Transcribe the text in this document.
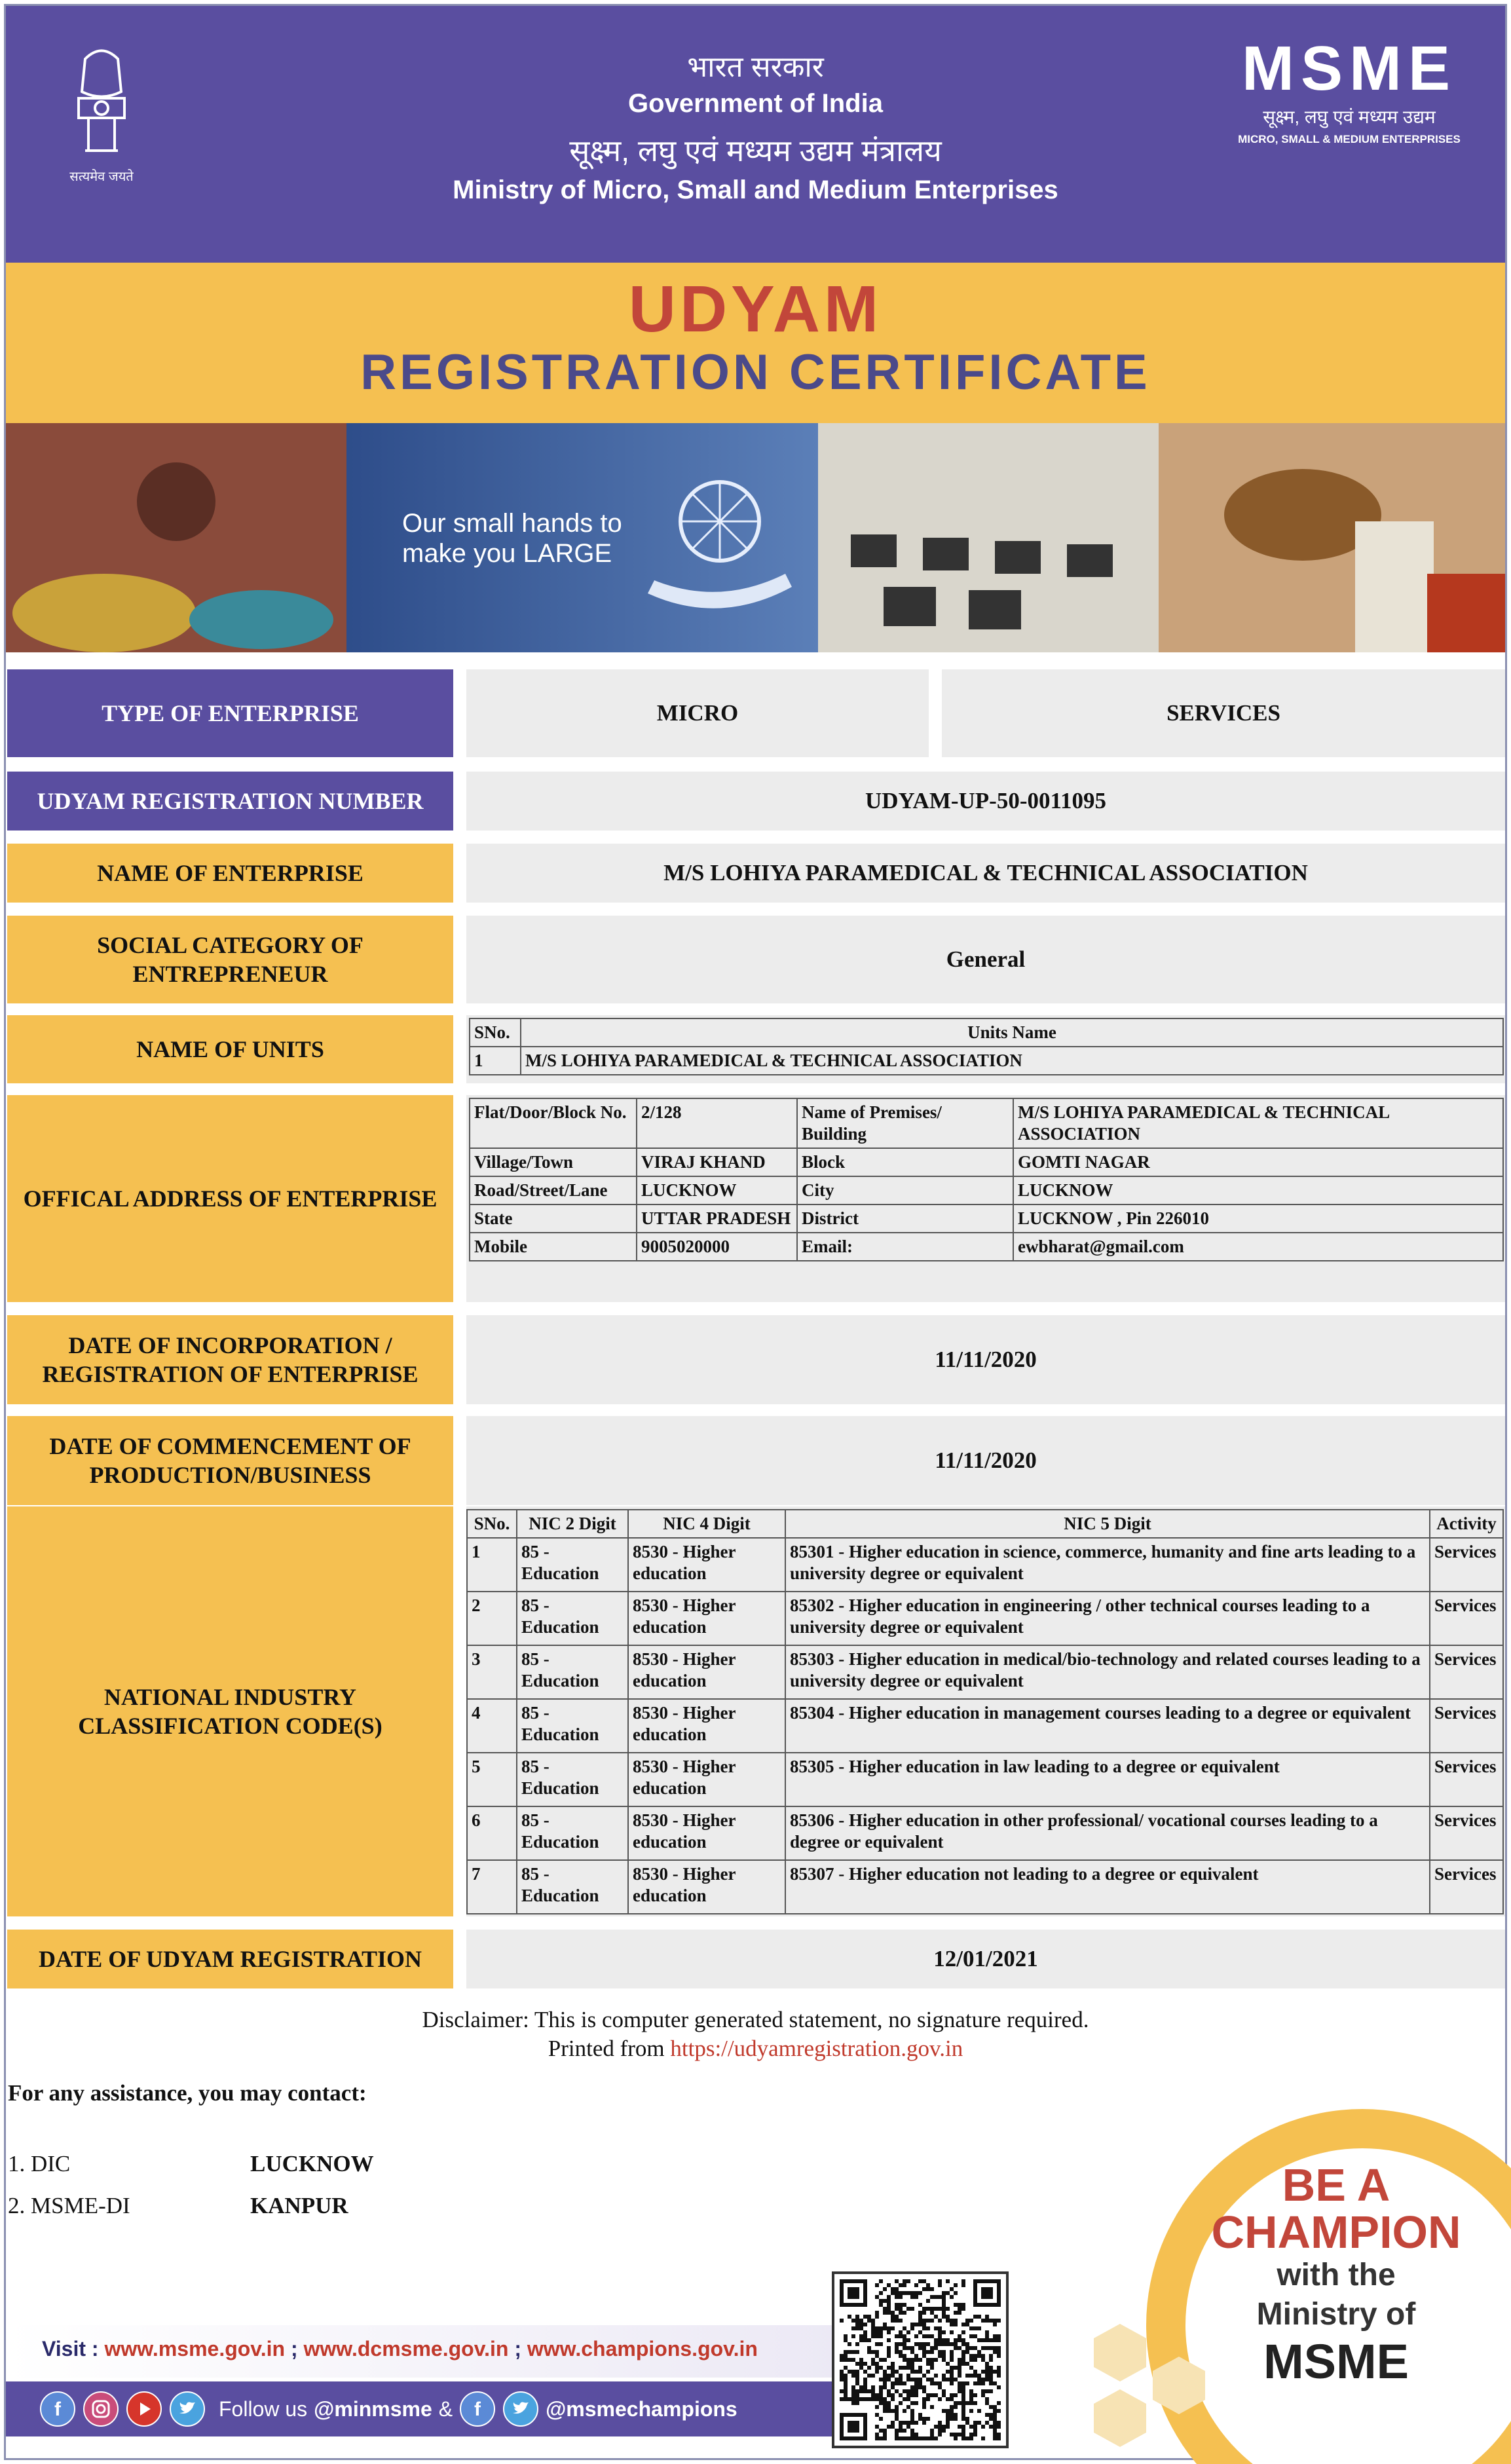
सत्यमेव जयते
भारत सरकार
Government of India
सूक्ष्म, लघु एवं मध्यम उद्यम मंत्रालय
Ministry of Micro, Small and Medium Enterprises
MSME
सूक्ष्म, लघु एवं मध्यम उद्यम
MICRO, SMALL & MEDIUM ENTERPRISES
UDYAM
REGISTRATION CERTIFICATE
Our small hands to
make you LARGE
TYPE OF ENTERPRISE	MICRO	SERVICES
UDYAM REGISTRATION NUMBER	UDYAM-UP-50-0011095
NAME OF ENTERPRISE	M/S LOHIYA PARAMEDICAL & TECHNICAL ASSOCIATION
SOCIAL CATEGORY OF ENTREPRENEUR
General
NAME OF UNITS
SNo.	Units Name
1	M/S LOHIYA PARAMEDICAL & TECHNICAL ASSOCIATION
OFFICAL ADDRESS OF ENTERPRISE
Flat/Door/Block No.	2/128	Name of Premises/ Building	M/S LOHIYA PARAMEDICAL & TECHNICAL ASSOCIATION
Village/Town	VIRAJ KHAND	Block	GOMTI NAGAR
Road/Street/Lane	LUCKNOW	City	LUCKNOW
State	UTTAR PRADESH	District	LUCKNOW , Pin 226010
Mobile	9005020000	Email:	ewbharat@gmail.com
DATE OF INCORPORATION / REGISTRATION OF ENTERPRISE
11/11/2020
DATE OF COMMENCEMENT OF PRODUCTION/BUSINESS
11/11/2020
NATIONAL INDUSTRY CLASSIFICATION CODE(S)
SNo.	NIC 2 Digit	NIC 4 Digit	NIC 5 Digit	Activity
1	85 - Education	8530 - Higher education	85301 - Higher education in science, commerce, humanity and fine arts leading to a university degree or equivalent	Services
2	85 - Education	8530 - Higher education	85302 - Higher education in engineering / other technical courses leading to a university degree or equivalent	Services
3	85 - Education	8530 - Higher education	85303 - Higher education in medical/bio-technology and related courses leading to a university degree or equivalent	Services
4	85 - Education	8530 - Higher education	85304 - Higher education in management courses leading to a degree or equivalent	Services
5	85 - Education	8530 - Higher education	85305 - Higher education in law leading to a degree or equivalent	Services
6	85 - Education	8530 - Higher education	85306 - Higher education in other professional/ vocational courses leading to a degree or equivalent	Services
7	85 - Education	8530 - Higher education	85307 - Higher education not leading to a degree or equivalent	Services
DATE OF UDYAM REGISTRATION	12/01/2021
Disclaimer: This is computer generated statement, no signature required.
Printed from https://udyamregistration.gov.in
For any assistance, you may contact:
1. DIC	LUCKNOW
2. MSME-DI	KANPUR	BE A
CHAMPION
with the
Ministry of
MSME
Visit : www.msme.gov.in ; www.dcmsme.gov.in ; www.champions.gov.in
f	Follow us @minmsme & f	@msmechampions
